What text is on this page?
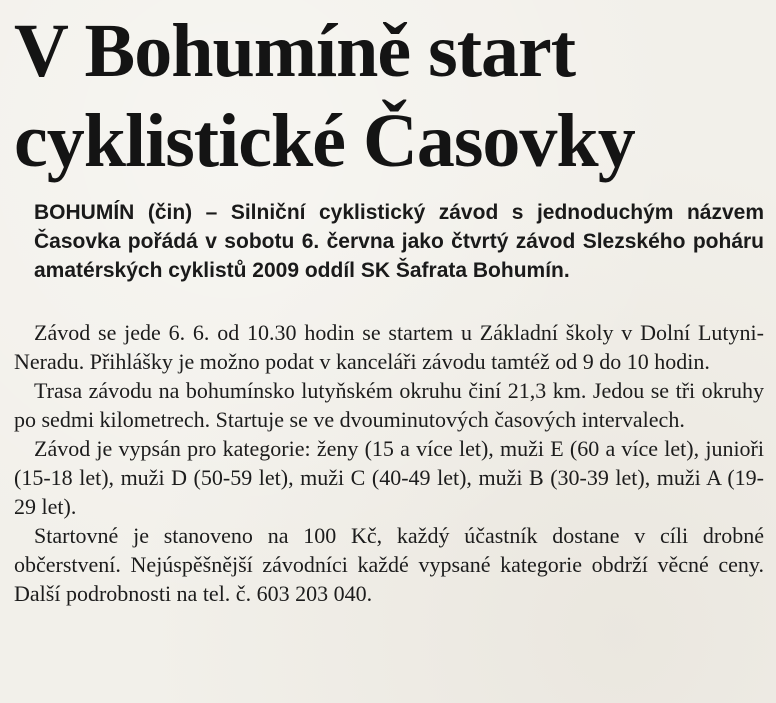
V Bohumíně start
cyklistické Časovky

BOHUMÍN (čin) – Silniční cyklistický závod s jednoduchým názvem Časovka pořádá v sobotu 6. června jako čtvrtý závod Slezského poháru amatérských cyklistů 2009 oddíl SK Šafrata Bohumín.

Závod se jede 6. 6. od 10.30 hodin se startem u Základní školy v Dolní Lutyni-Neradu. Přihlášky je možno podat v kanceláři závodu tamtéž od 9 do 10 hodin.

Trasa závodu na bohumínsko lutyňském okruhu činí 21,3 km. Jedou se tři okruhy po sedmi kilometrech. Startuje se ve dvouminutových časových intervalech.

Závod je vypsán pro kategorie: ženy (15 a více let), muži E (60 a více let), junioři (15-18 let), muži D (50-59 let), muži C (40-49 let), muži B (30-39 let), muži A (19-29 let).

Startovné je stanoveno na 100 Kč, každý účastník dostane v cíli drobné občerstvení. Nejúspěšnější závodníci každé vypsané kategorie obdrží věcné ceny. Další podrobnosti na tel. č. 603 203 040.
